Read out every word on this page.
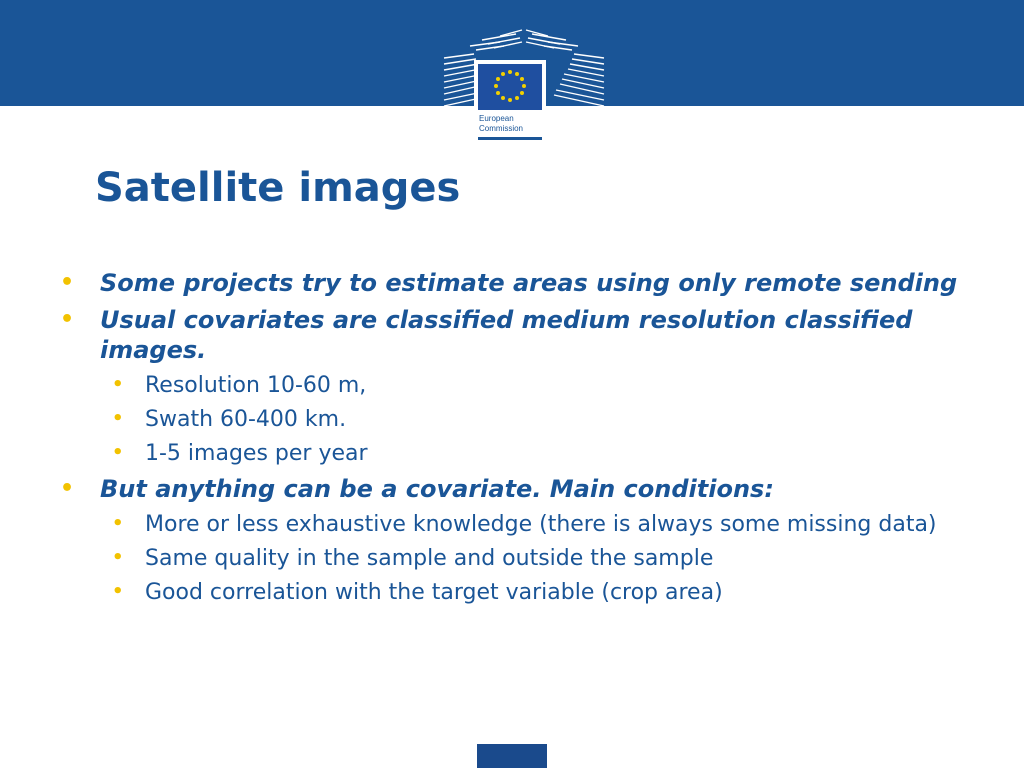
European
Commission
Satellite images

• Some projects try to estimate areas using only remote sending

• Usual covariates are classified medium resolution classified images.

• Resolution 10-60 m,

• Swath 60-400 km.

• 1-5 images per year

• But anything can be a covariate. Main conditions:

• More or less exhaustive knowledge (there is always some missing data)

• Same quality in the sample and outside the sample

• Good correlation with the target variable (crop area)
